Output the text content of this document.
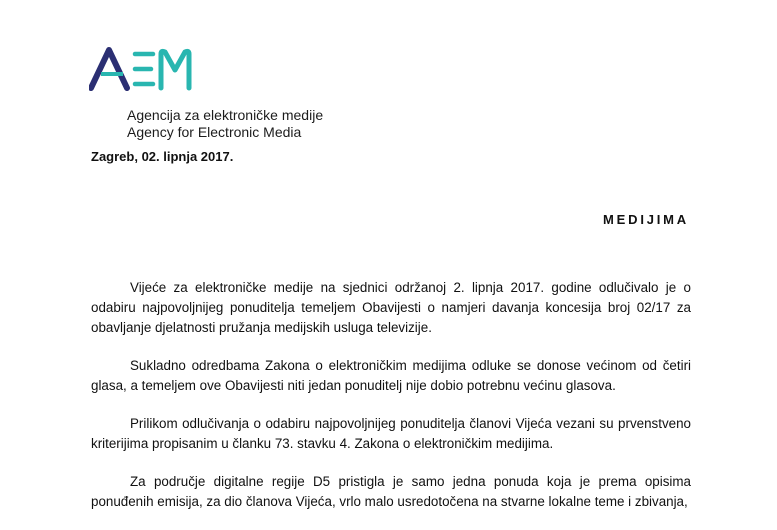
Agencija za elektroničke medije
Agency for Electronic Media
Zagreb, 02. lipnja 2017.
MEDIJIMA

Vijeće za elektroničke medije na sjednici održanoj 2. lipnja 2017. godine odlučivalo je o odabiru najpovoljnijeg ponuditelja temeljem Obavijesti o namjeri davanja koncesija broj 02/17 za obavljanje djelatnosti pružanja medijskih usluga televizije.

Sukladno odredbama Zakona o elektroničkim medijima odluke se donose većinom od četiri glasa, a temeljem ove Obavijesti niti jedan ponuditelj nije dobio potrebnu većinu glasova.

Prilikom odlučivanja o odabiru najpovoljnijeg ponuditelja članovi Vijeća vezani su prvenstveno kriterijima propisanim u članku 73. stavku 4. Zakona o elektroničkim medijima.

Za područje digitalne regije D5 pristigla je samo jedna ponuda koja je prema opisima ponuđenih emisija, za dio članova Vijeća, vrlo malo usredotočena na stvarne lokalne teme i zbivanja,
